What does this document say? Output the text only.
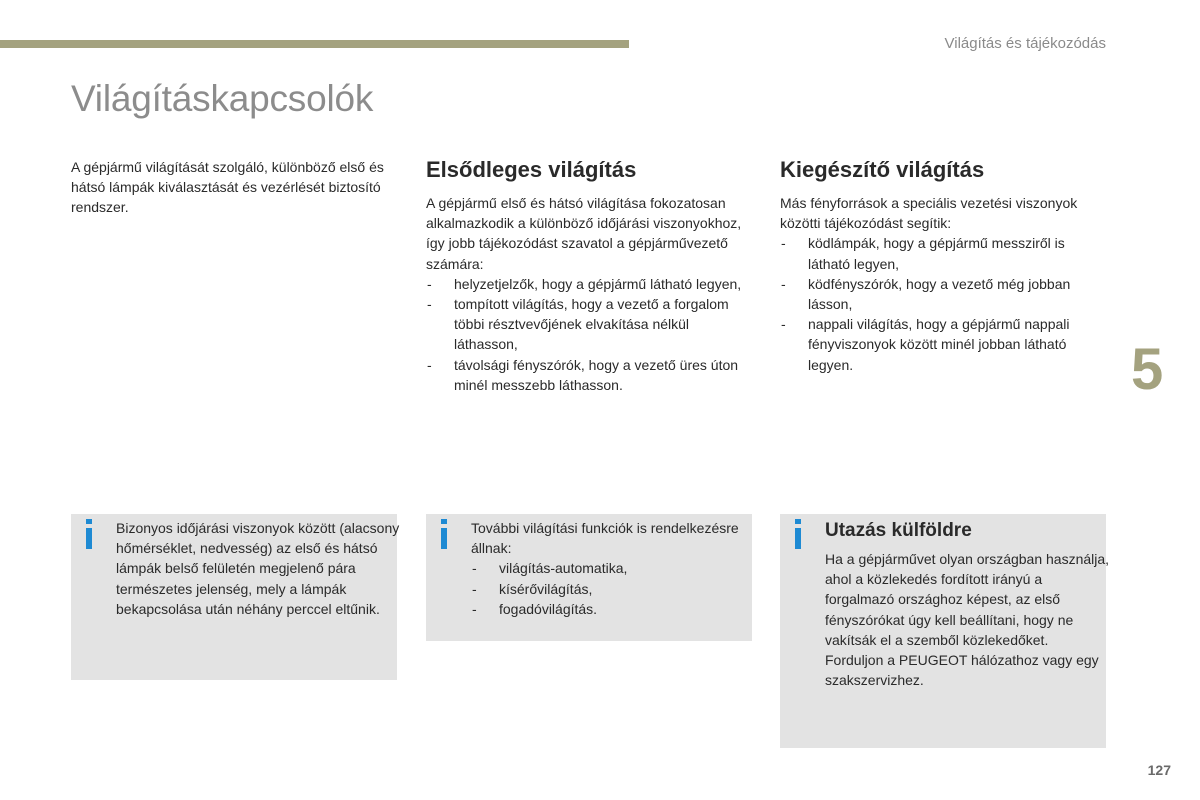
Világítás és tájékozódás
Világításkapcsolók
A gépjármű világítását szolgáló, különböző első és hátsó lámpák kiválasztását és vezérlését biztosító rendszer.
Elsődleges világítás
A gépjármű első és hátsó világítása fokozatosan alkalmazkodik a különböző időjárási viszonyokhoz, így jobb tájékozódást szavatol a gépjárművezető számára:
- helyzetjelzők, hogy a gépjármű látható legyen,
- tompított világítás, hogy a vezető a forgalom többi résztvevőjének elvakítása nélkül láthasson,
- távolsági fényszórók, hogy a vezető üres úton minél messzebb láthasson.
Kiegészítő világítás
Más fényforrások a speciális vezetési viszonyok közötti tájékozódást segítik:
- ködlámpák, hogy a gépjármű messziről is látható legyen,
- ködfényszórók, hogy a vezető még jobban lásson,
- nappali világítás, hogy a gépjármű nappali fényviszonyok között minél jobban látható legyen.	5
Bizonyos időjárási viszonyok között (alacsony hőmérséklet, nedvesség) az első és hátsó lámpák belső felületén megjelenő pára természetes jelenség, mely a lámpák bekapcsolása után néhány perccel eltűnik.
További világítási funkciók is rendelkezésre állnak:
- világítás-automatika,
- kísérővilágítás,
- fogadóvilágítás.
Utazás külföldre
Ha a gépjárművet olyan országban használja, ahol a közlekedés fordított irányú a forgalmazó országhoz képest, az első fényszórókat úgy kell beállítani, hogy ne vakítsák el a szemből közlekedőket.
Forduljon a PEUGEOT hálózathoz vagy egy szakszervizhez.
127
